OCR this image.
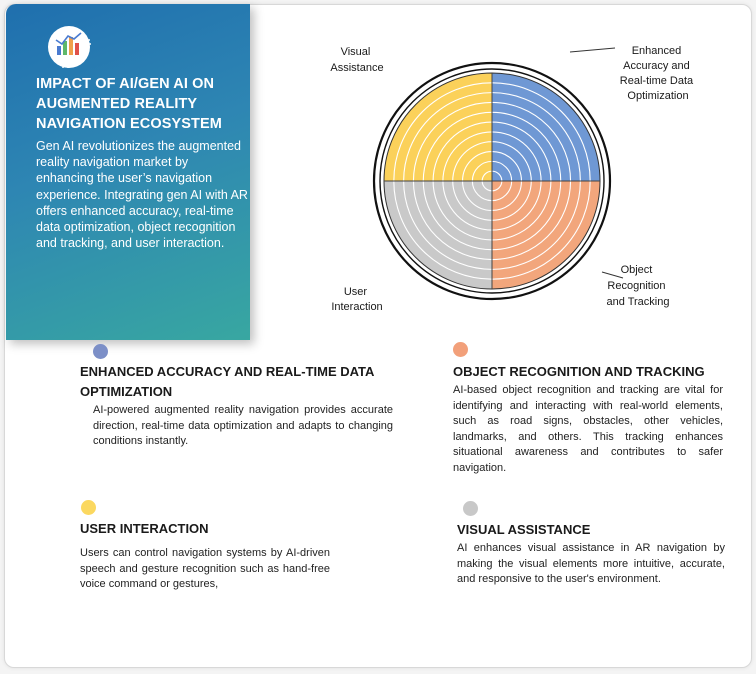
IMPACT OF AI/GEN AI ON
AUGMENTED REALITY
NAVIGATION ECOSYSTEM
Gen AI revolutionizes the augmented reality navigation market by enhancing the user’s navigation experience. Integrating gen AI with AR offers enhanced accuracy, real-time data optimization, object recognition and tracking, and user interaction.
Visual Assistance
Enhanced Accuracy and Real-time Data Optimization
Object Recognition and Tracking
User Interaction
ENHANCED ACCURACY AND REAL-TIME DATA OPTIMIZATION
AI-powered augmented reality navigation provides accurate direction, real-time data optimization and adapts to changing conditions instantly.
OBJECT RECOGNITION AND TRACKING
AI-based object recognition and tracking are vital for identifying and interacting with real-world elements, such as road signs, obstacles, other vehicles, landmarks, and others. This tracking enhances situational awareness and contributes to safer navigation.
USER INTERACTION
Users can control navigation systems by AI-driven speech and gesture recognition such as hand-free voice command or gestures,
VISUAL ASSISTANCE
AI enhances visual assistance in AR navigation by making the visual elements more intuitive, accurate, and responsive to the user's environment.
